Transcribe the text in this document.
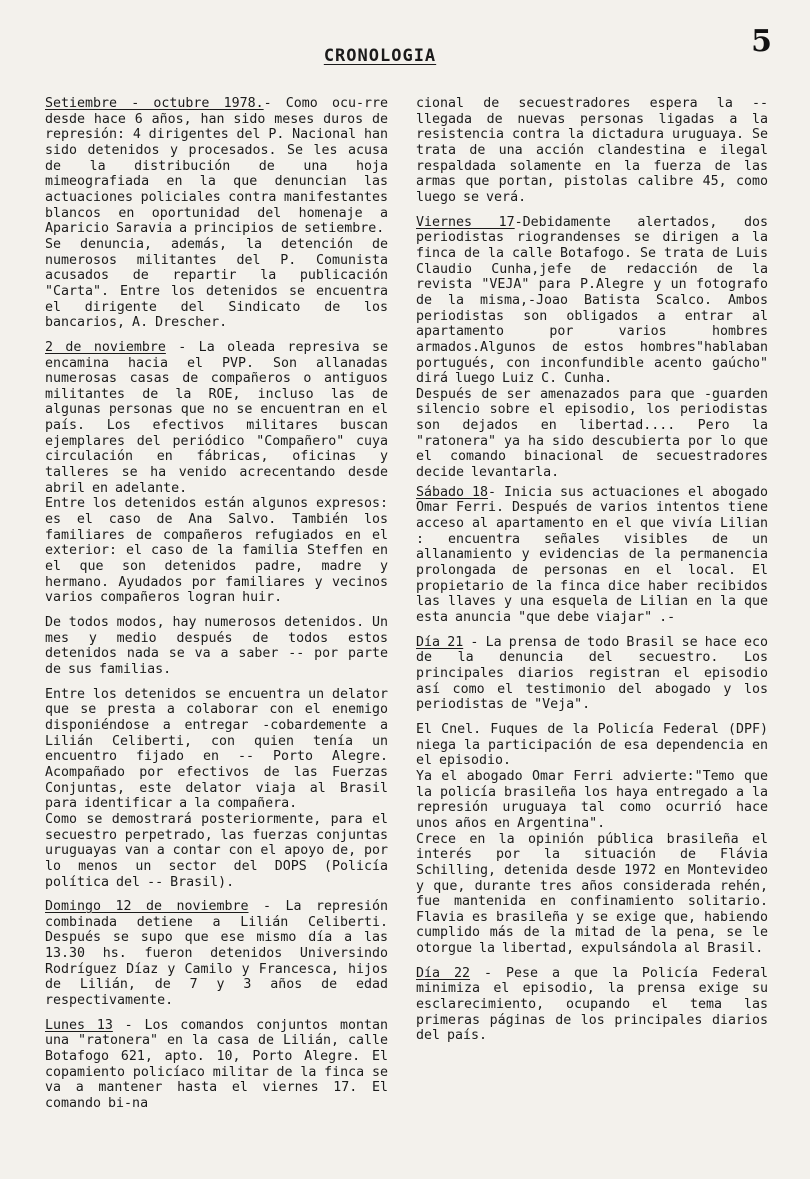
5
CRONOLOGIA

Setiembre - octubre 1978.- Como ocu-rre desde hace 6 años, han sido meses duros de represión: 4 dirigentes del P. Nacional han sido detenidos y procesados. Se les acusa de la distribución de una hoja mimeografiada en la que denuncian las actuaciones policiales contra manifestantes blancos en oportunidad del homenaje a Aparicio Saravia a principios de setiembre.

Se denuncia, además, la detención de numerosos militantes del P. Comunista acusados de repartir la publicación "Carta". Entre los detenidos se encuentra el dirigente del Sindicato de los bancarios, A. Drescher.

2 de noviembre - La oleada represiva se encamina hacia el PVP. Son allanadas numerosas casas de compañeros o antiguos militantes de la ROE, incluso las de algunas personas que no se encuentran en el país. Los efectivos militares buscan ejemplares del periódico "Compañero" cuya circulación en fábricas, oficinas y talleres se ha venido acrecentando desde abril en adelante.

Entre los detenidos están algunos expresos: es el caso de Ana Salvo. También los familiares de compañeros refugiados en el exterior: el caso de la familia Steffen en el que son detenidos padre, madre y hermano. Ayudados por familiares y vecinos varios compañeros logran huir.

De todos modos, hay numerosos detenidos. Un mes y medio después de todos estos detenidos nada se va a saber -- por parte de sus familias.

Entre los detenidos se encuentra un delator que se presta a colaborar con el enemigo disponiéndose a entregar -cobardemente a Lilián Celiberti, con quien tenía un encuentro fijado en -- Porto Alegre. Acompañado por efectivos de las Fuerzas Conjuntas, este delator viaja al Brasil para identificar a la compañera.

Como se demostrará posteriormente, para el secuestro perpetrado, las fuerzas conjuntas uruguayas van a contar con el apoyo de, por lo menos un sector del DOPS (Policía política del -- Brasil).

Domingo 12 de noviembre - La represión combinada detiene a Lilián Celiberti. Después se supo que ese mismo día a las 13.30 hs. fueron detenidos Universindo Rodríguez Díaz y Camilo y Francesca, hijos de Lilián, de 7 y 3 años de edad respectivamente.

Lunes 13 - Los comandos conjuntos montan una "ratonera" en la casa de Lilián, calle Botafogo 621, apto. 10, Porto Alegre. El copamiento policíaco militar de la finca se va a mantener hasta el viernes 17. El comando bi-na

cional de secuestradores espera la -- llegada de nuevas personas ligadas a la resistencia contra la dictadura uruguaya. Se trata de una acción clandestina e ilegal respaldada solamente en la fuerza de las armas que portan, pistolas calibre 45, como luego se verá.

Viernes 17-Debidamente alertados, dos periodistas riograndenses se dirigen a la finca de la calle Botafogo. Se trata de Luis Claudio Cunha,jefe de redacción de la revista "VEJA" para P.Alegre y un fotografo de la misma,-Joao Batista Scalco. Ambos periodistas son obligados a entrar al apartamento por varios hombres armados.Algunos de estos hombres"hablaban portugués, con inconfundible acento gaúcho" dirá luego Luiz C. Cunha.

Después de ser amenazados para que -guarden silencio sobre el episodio, los periodistas son dejados en libertad.... Pero la "ratonera" ya ha sido descubierta por lo que el comando binacional de secuestradores decide levantarla.

Sábado 18- Inicia sus actuaciones el abogado Omar Ferri. Después de varios intentos tiene acceso al apartamento en el que vivía Lilian : encuentra señales visibles de un allanamiento y evidencias de la permanencia prolongada de personas en el local. El propietario de la finca dice haber recibidos las llaves y una esquela de Lilian en la que esta anuncia "que debe viajar" .-

Día 21 - La prensa de todo Brasil se hace eco de la denuncia del secuestro. Los principales diarios registran el episodio así como el testimonio del abogado y los periodistas de "Veja".

El Cnel. Fuques de la Policía Federal (DPF) niega la participación de esa dependencia en el episodio.

Ya el abogado Omar Ferri advierte:"Temo que la policía brasileña los haya entregado a la represión uruguaya tal como ocurrió hace unos años en Argentina".

Crece en la opinión pública brasileña el interés por la situación de Flávia Schilling, detenida desde 1972 en Montevideo y que, durante tres años considerada rehén, fue mantenida en confinamiento solitario. Flavia es brasileña y se exige que, habiendo cumplido más de la mitad de la pena, se le otorgue la libertad, expulsándola al Brasil.

Día 22 - Pese a que la Policía Federal minimiza el episodio, la prensa exige su esclarecimiento, ocupando el tema las primeras páginas de los principales diarios del país.
